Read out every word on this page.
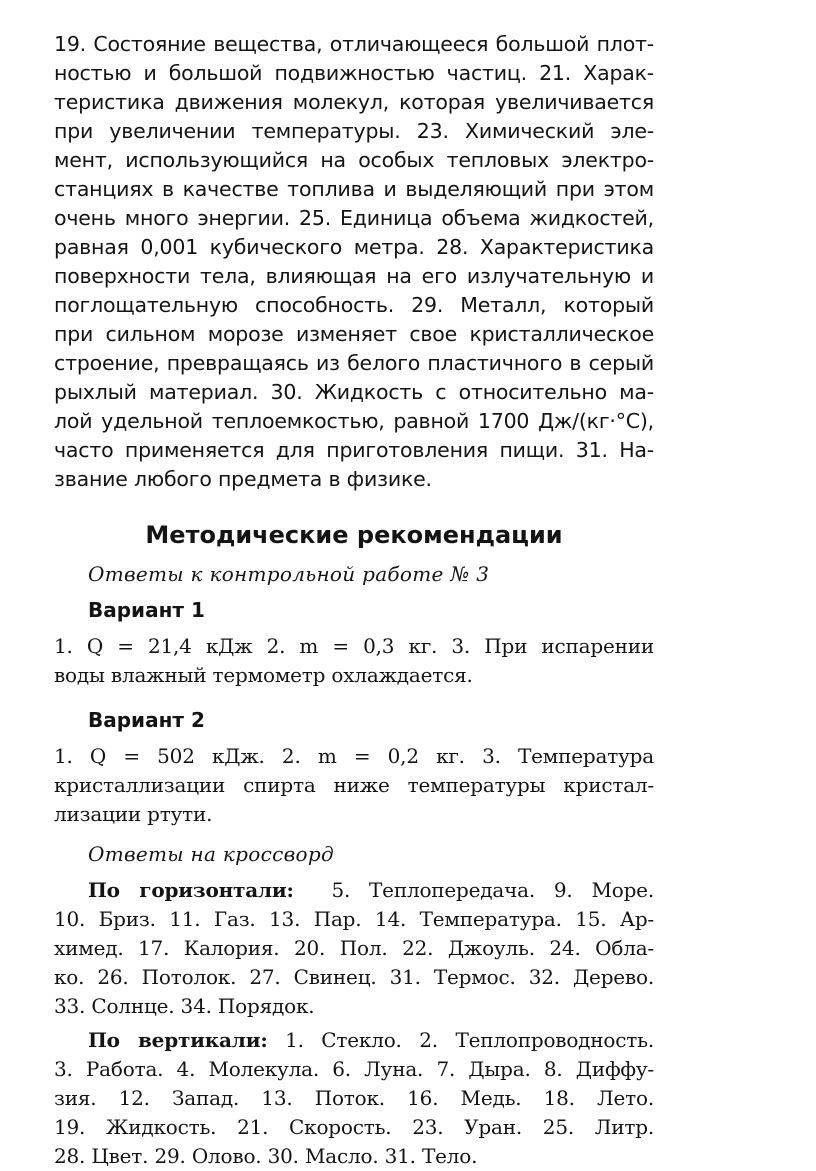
19. Состояние вещества, отличающееся большой плот-

ностью и большой подвижностью частиц. 21. Харак-

теристика движения молекул, которая увеличивается

при увеличении температуры. 23. Химический эле-

мент, использующийся на особых тепловых электро-

станциях в качестве топлива и выделяющий при этом

очень много энергии. 25. Единица объема жидкостей,

равная 0,001 кубического метра. 28. Характеристика

поверхности тела, влияющая на его излучательную и

поглощательную способность. 29. Металл, который

при сильном морозе изменяет свое кристаллическое

строение, превращаясь из белого пластичного в серый

рыхлый материал. 30. Жидкость с относительно ма-

лой удельной теплоемкостью, равной 1700 Дж/(кг·°C),

часто применяется для приготовления пищи. 31. На-

звание любого предмета в физике.

Методические рекомендации

Ответы к контрольной работе № 3

Вариант 1

1. Q = 21,4 кДж 2. m = 0,3 кг. 3. При испарении

воды влажный термометр охлаждается.

Вариант 2

1. Q = 502 кДж. 2. m = 0,2 кг. 3. Температура

кристаллизации спирта ниже температуры кристал-

лизации ртути.

Ответы на кроссворд

По горизонтали: 5. Теплопередача. 9. Море.

10. Бриз. 11. Газ. 13. Пар. 14. Температура. 15. Ар-

химед. 17. Калория. 20. Пол. 22. Джоуль. 24. Обла-

ко. 26. Потолок. 27. Свинец. 31. Термос. 32. Дерево.

33. Солнце. 34. Порядок.

По вертикали: 1. Стекло. 2. Теплопроводность.

3. Работа. 4. Молекула. 6. Луна. 7. Дыра. 8. Диффу-

зия. 12. Запад. 13. Поток. 16. Медь. 18. Лето.

19. Жидкость. 21. Скорость. 23. Уран. 25. Литр.

28. Цвет. 29. Олово. 30. Масло. 31. Тело.
